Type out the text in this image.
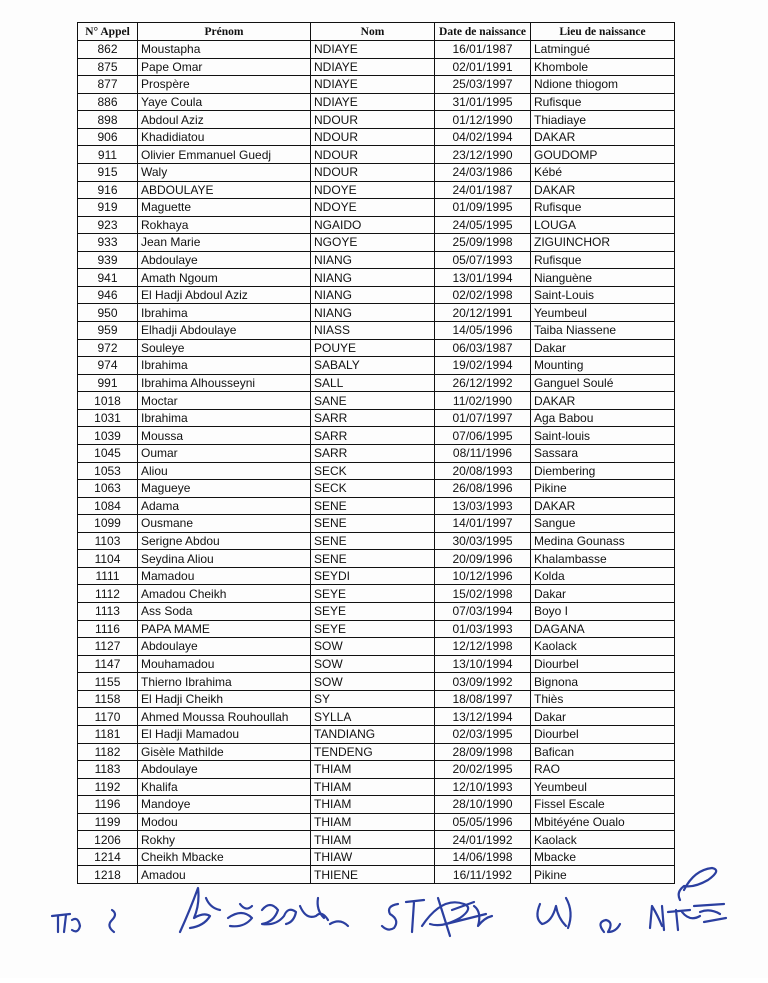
N° Appel	Prénom	Nom	Date de naissance	Lieu de naissance
862	Moustapha	NDIAYE	16/01/1987	Latmingué
875	Pape Omar	NDIAYE	02/01/1991	Khombole
877	Prospère	NDIAYE	25/03/1997	Ndione thiogom
886	Yaye Coula	NDIAYE	31/01/1995	Rufisque
898	Abdoul Aziz	NDOUR	01/12/1990	Thiadiaye
906	Khadidiatou	NDOUR	04/02/1994	DAKAR
911	Olivier Emmanuel Guedj	NDOUR	23/12/1990	GOUDOMP
915	Waly	NDOUR	24/03/1986	Kébé
916	ABDOULAYE	NDOYE	24/01/1987	DAKAR
919	Maguette	NDOYE	01/09/1995	Rufisque
923	Rokhaya	NGAIDO	24/05/1995	LOUGA
933	Jean Marie	NGOYE	25/09/1998	ZIGUINCHOR
939	Abdoulaye	NIANG	05/07/1993	Rufisque
941	Amath Ngoum	NIANG	13/01/1994	Nianguène
946	El Hadji Abdoul Aziz	NIANG	02/02/1998	Saint-Louis
950	Ibrahima	NIANG	20/12/1991	Yeumbeul
959	Elhadji Abdoulaye	NIASS	14/05/1996	Taiba Niassene
972	Souleye	POUYE	06/03/1987	Dakar
974	Ibrahima	SABALY	19/02/1994	Mounting
991	Ibrahima Alhousseyni	SALL	26/12/1992	Ganguel Soulé
1018	Moctar	SANE	11/02/1990	DAKAR
1031	Ibrahima	SARR	01/07/1997	Aga Babou
1039	Moussa	SARR	07/06/1995	Saint-louis
1045	Oumar	SARR	08/11/1996	Sassara
1053	Aliou	SECK	20/08/1993	Diembering
1063	Magueye	SECK	26/08/1996	Pikine
1084	Adama	SENE	13/03/1993	DAKAR
1099	Ousmane	SENE	14/01/1997	Sangue
1103	Serigne Abdou	SENE	30/03/1995	Medina Gounass
1104	Seydina Aliou	SENE	20/09/1996	Khalambasse
1111	Mamadou	SEYDI	10/12/1996	Kolda
1112	Amadou Cheikh	SEYE	15/02/1998	Dakar
1113	Ass Soda	SEYE	07/03/1994	Boyo I
1116	PAPA MAME	SEYE	01/03/1993	DAGANA
1127	Abdoulaye	SOW	12/12/1998	Kaolack
1147	Mouhamadou	SOW	13/10/1994	Diourbel
1155	Thierno Ibrahima	SOW	03/09/1992	Bignona
1158	El Hadji Cheikh	SY	18/08/1997	Thiès
1170	Ahmed Moussa Rouhoullah	SYLLA	13/12/1994	Dakar
1181	El Hadji Mamadou	TANDIANG	02/03/1995	Diourbel
1182	Gisèle Mathilde	TENDENG	28/09/1998	Bafican
1183	Abdoulaye	THIAM	20/02/1995	RAO
1192	Khalifa	THIAM	12/10/1993	Yeumbeul
1196	Mandoye	THIAM	28/10/1990	Fissel Escale
1199	Modou	THIAM	05/05/1996	Mbitéyéne Oualo
1206	Rokhy	THIAM	24/01/1992	Kaolack
1214	Cheikh Mbacke	THIAW	14/06/1998	Mbacke
1218	Amadou	THIENE	16/11/1992	Pikine
